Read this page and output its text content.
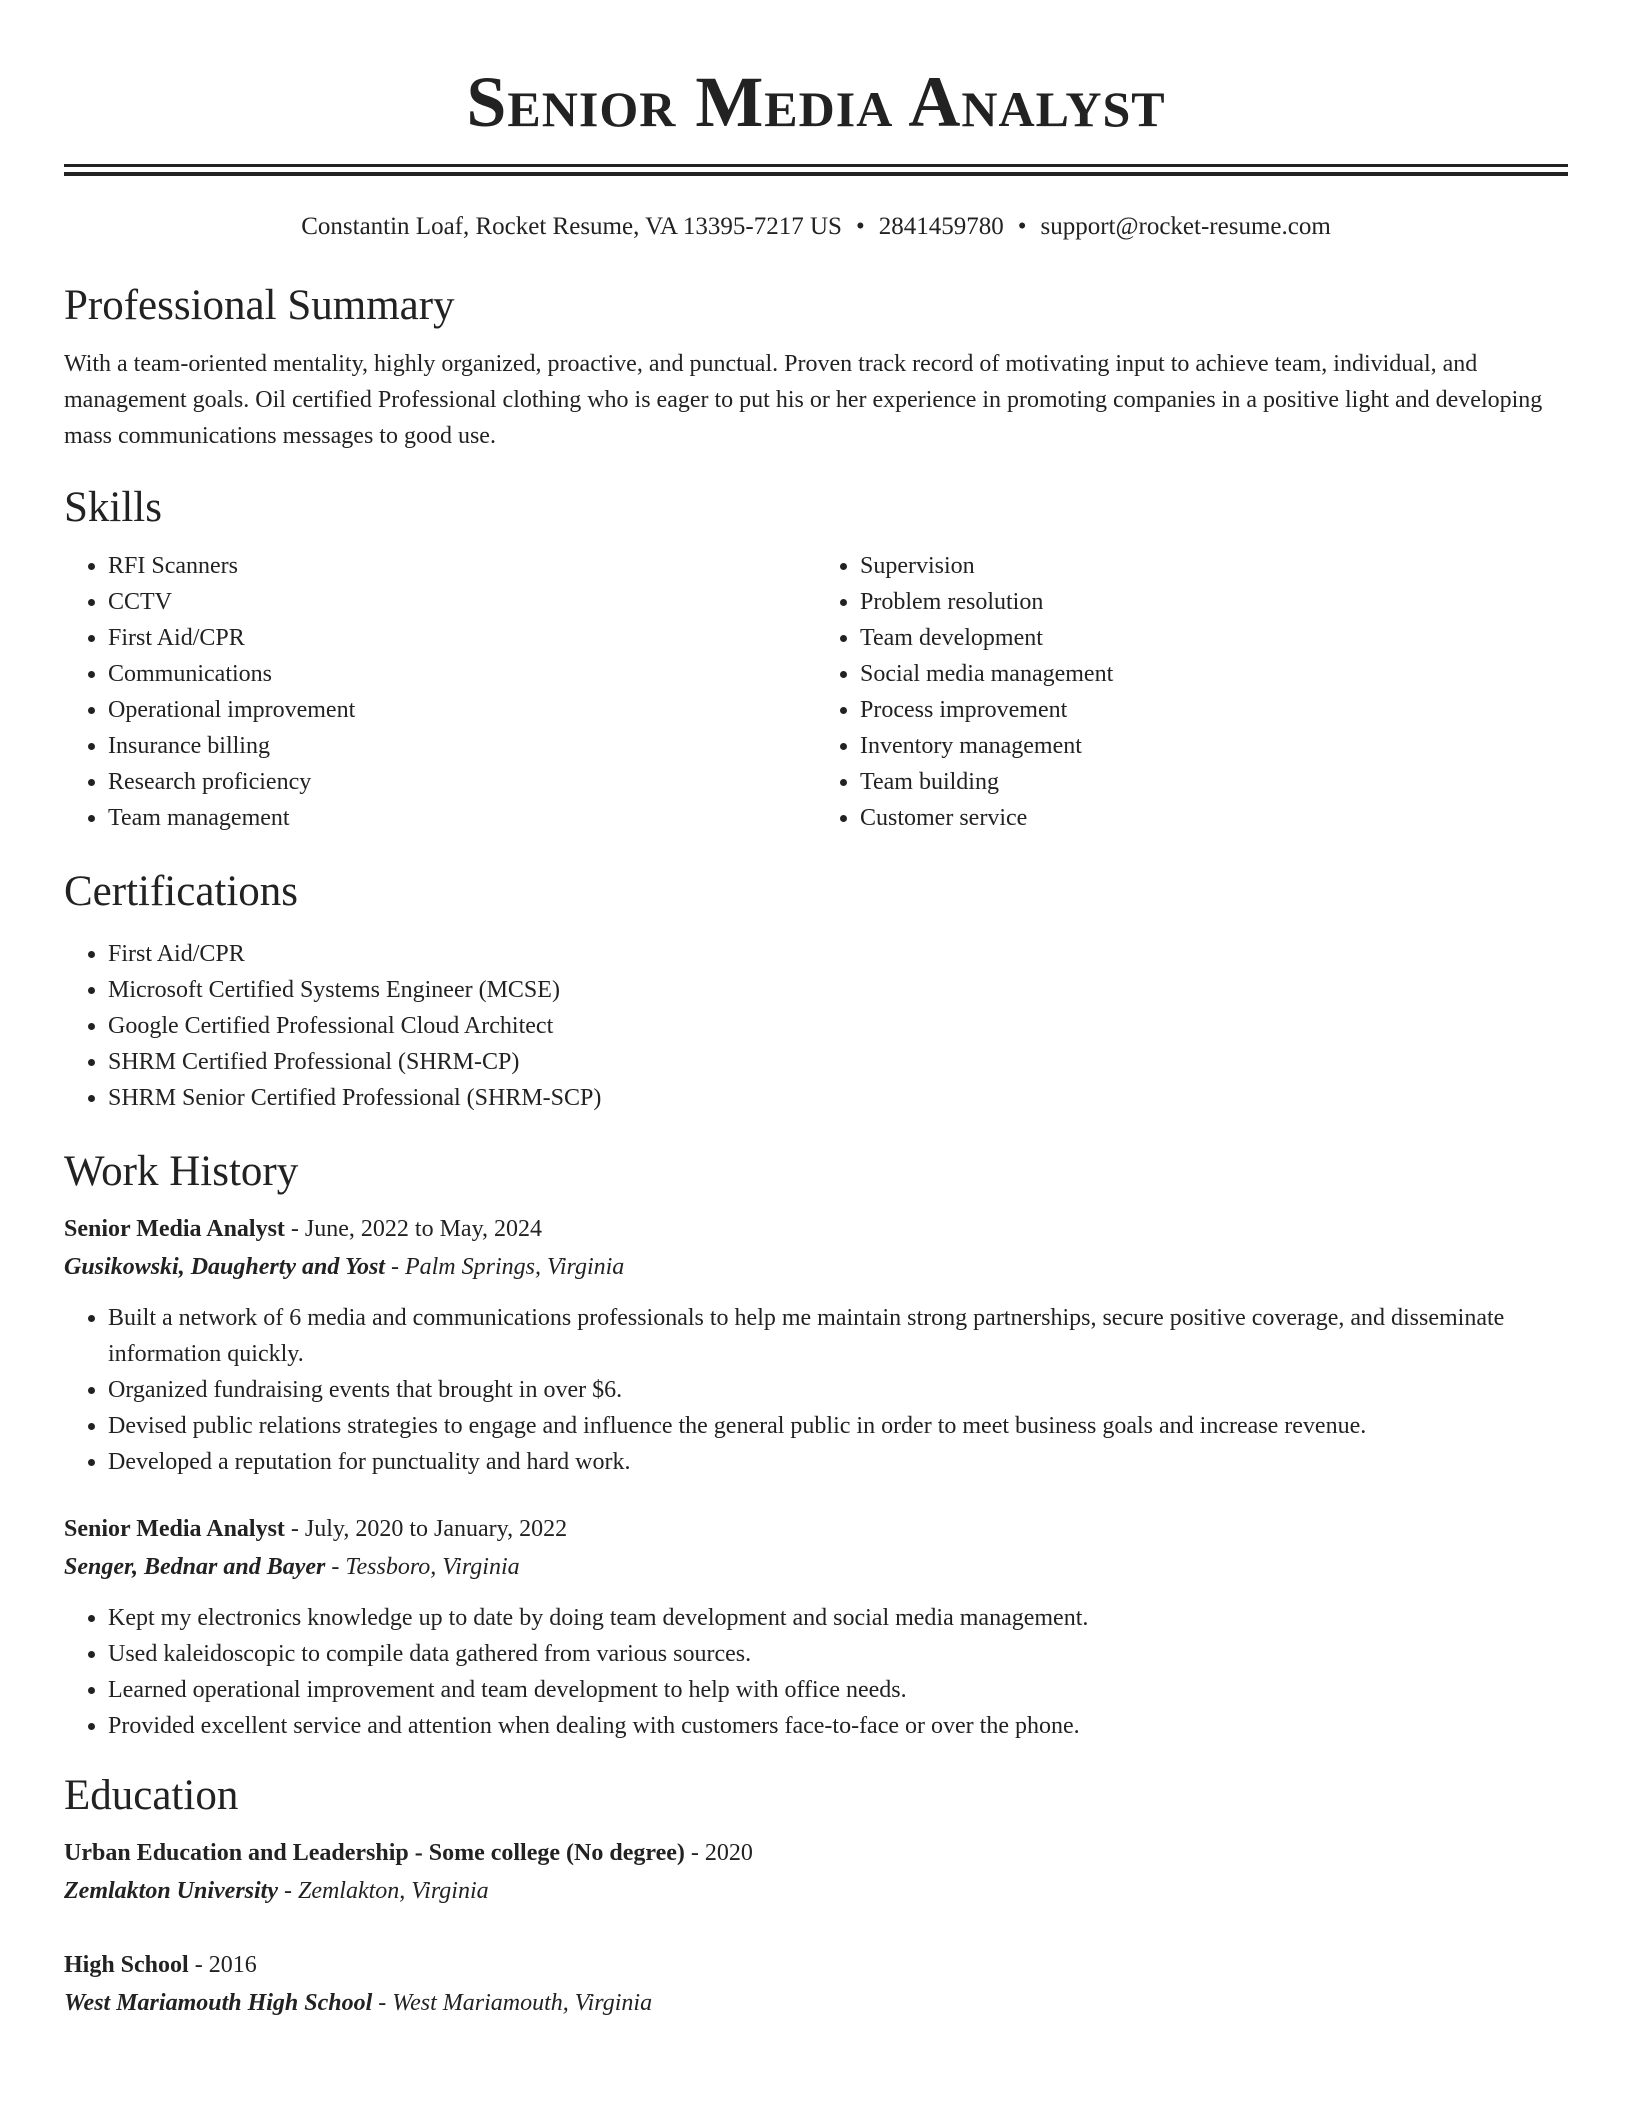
Senior Media Analyst
Constantin Loaf, Rocket Resume, VA 13395-7217 US • 2841459780 • support@rocket-resume.com
Professional Summary

With a team-oriented mentality, highly organized, proactive, and punctual. Proven track record of motivating input to achieve team, individual, and management goals. Oil certified Professional clothing who is eager to put his or her experience in promoting companies in a positive light and developing mass communications messages to good use.

Skills
• RFI Scanners
• CCTV
• First Aid/CPR
• Communications
• Operational improvement
• Insurance billing
• Research proficiency
• Team management
• Supervision
• Problem resolution
• Team development
• Social media management
• Process improvement
• Inventory management
• Team building
• Customer service
Certifications
• First Aid/CPR
• Microsoft Certified Systems Engineer (MCSE)
• Google Certified Professional Cloud Architect
• SHRM Certified Professional (SHRM-CP)
• SHRM Senior Certified Professional (SHRM-SCP)
Work History
Senior Media Analyst - June, 2022 to May, 2024
Gusikowski, Daugherty and Yost - Palm Springs, Virginia
• Built a network of 6 media and communications professionals to help me maintain strong partnerships, secure positive coverage, and disseminate information quickly.
• Organized fundraising events that brought in over $6.
• Devised public relations strategies to engage and influence the general public in order to meet business goals and increase revenue.
• Developed a reputation for punctuality and hard work.
Senior Media Analyst - July, 2020 to January, 2022
Senger, Bednar and Bayer - Tessboro, Virginia
• Kept my electronics knowledge up to date by doing team development and social media management.
• Used kaleidoscopic to compile data gathered from various sources.
• Learned operational improvement and team development to help with office needs.
• Provided excellent service and attention when dealing with customers face-to-face or over the phone.
Education
Urban Education and Leadership - Some college (No degree) - 2020
Zemlakton University - Zemlakton, Virginia
High School - 2016
West Mariamouth High School - West Mariamouth, Virginia
